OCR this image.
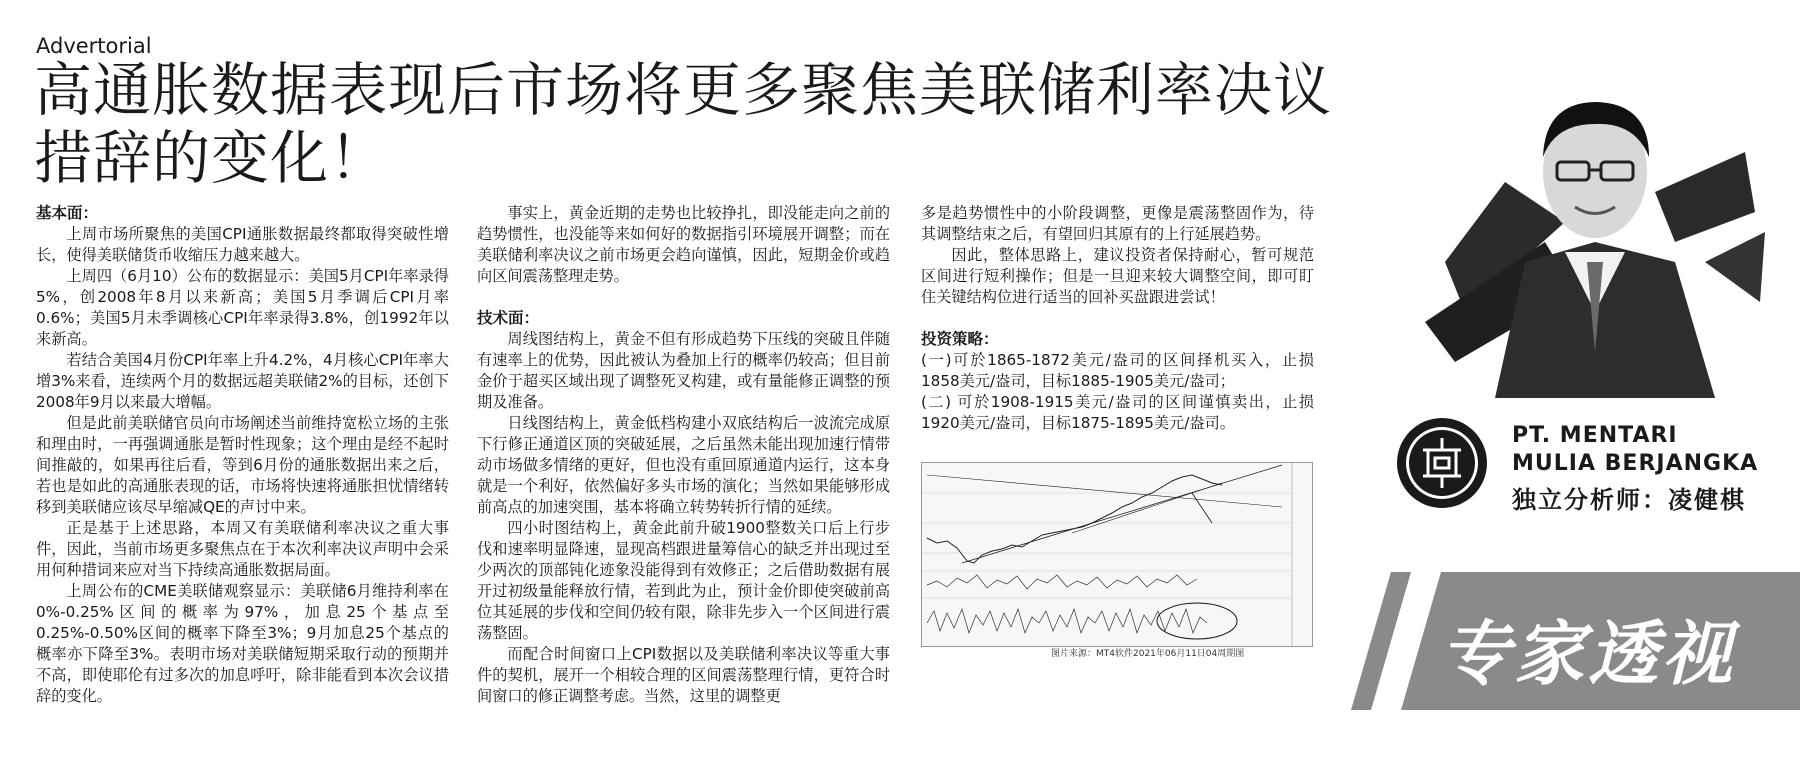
Advertorial
高通胀数据表现后市场将更多聚焦美联储利率决议措辞的变化！
基本面：

上周市场所聚焦的美国CPI通胀数据最终都取得突破性增长，使得美联储货币收缩压力越来越大。

上周四（6月10）公布的数据显示：美国5月CPI年率录得5%，创2008年8月以来新高；美国5月季调后CPI月率0.6%；美国5月未季调核心CPI年率录得3.8%，创1992年以来新高。

若结合美国4月份CPI年率上升4.2%，4月核心CPI年率大增3%来看，连续两个月的数据远超美联储2%的目标，还创下2008年9月以来最大增幅。

但是此前美联储官员向市场阐述当前维持宽松立场的主张和理由时，一再强调通胀是暂时性现象；这个理由是经不起时间推敲的，如果再往后看，等到6月份的通胀数据出来之后，若也是如此的高通胀表现的话，市场将快速将通胀担忧情绪转移到美联储应该尽早缩减QE的声讨中来。

正是基于上述思路，本周又有美联储利率决议之重大事件，因此，当前市场更多聚焦点在于本次利率决议声明中会采用何种措词来应对当下持续高通胀数据局面。

上周公布的CME美联储观察显示：美联储6月维持利率在0%-0.25%区间的概率为97%，加息25个基点至0.25%-0.50%区间的概率下降至3%；9月加息25个基点的概率亦下降至3%。表明市场对美联储短期采取行动的预期并不高，即使耶伦有过多次的加息呼吁，除非能看到本次会议措辞的变化。

事实上，黄金近期的走势也比较挣扎，即没能走向之前的趋势惯性，也没能等来如何好的数据指引环境展开调整；而在美联储利率决议之前市场更会趋向谨慎，因此，短期金价或趋向区间震荡整理走势。

技术面：

周线图结构上，黄金不但有形成趋势下压线的突破且伴随有速率上的优势，因此被认为叠加上行的概率仍较高；但目前金价于超买区域出现了调整死叉构建，或有量能修正调整的预期及准备。

日线图结构上，黄金低档构建小双底结构后一波流完成原下行修正通道区顶的突破延展，之后虽然未能出现加速行情带动市场做多情绪的更好，但也没有重回原通道内运行，这本身就是一个利好，依然偏好多头市场的演化；当然如果能够形成前高点的加速突围，基本将确立转势转折行情的延续。

四小时图结构上，黄金此前升破1900整数关口后上行步伐和速率明显降速，显现高档跟进量筹信心的缺乏并出现过至少两次的顶部钝化迹象没能得到有效修正；之后借助数据有展开过初级量能释放行情，若到此为止，预计金价即使突破前高位其延展的步伐和空间仍较有限，除非先步入一个区间进行震荡整固。

而配合时间窗口上CPI数据以及美联储利率决议等重大事件的契机，展开一个相较合理的区间震荡整理行情，更符合时间窗口的修正调整考虑。当然，这里的调整更

多是趋势惯性中的小阶段调整，更像是震荡整固作为，待其调整结束之后，有望回归其原有的上行延展趋势。

因此，整体思路上，建议投资者保持耐心，暂可规范区间进行短利操作；但是一旦迎来较大调整空间，即可盯住关键结构位进行适当的回补买盘跟进尝试！

投资策略：

(一)可於1865-1872美元/盎司的区间择机买入，止损1858美元/盎司，目标1885-1905美元/盎司；

(二) 可於1908-1915美元/盎司的区间谨慎卖出，止损1920美元/盎司，目标1875-1895美元/盎司。

图片来源：MT4软件2021年06月11日04周期图
PT. MENTARI
MULIA BERJANGKA
独立分析师：凌健棋
专家透视
